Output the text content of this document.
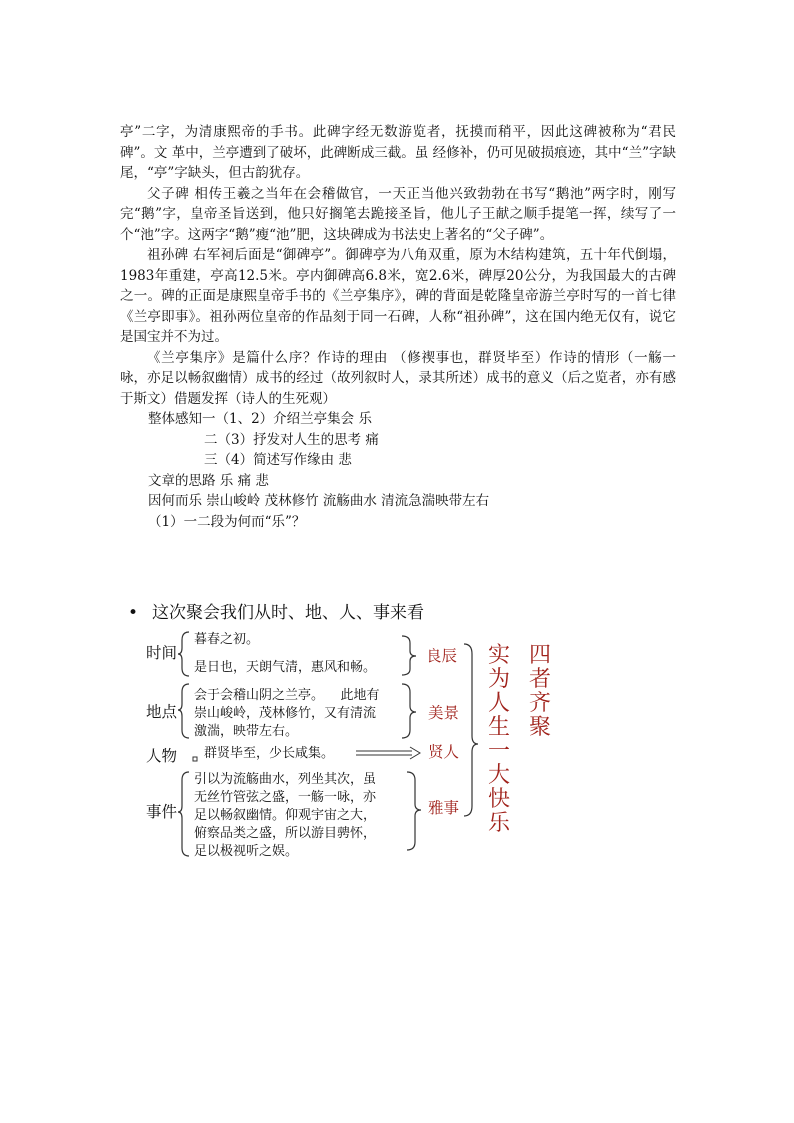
亭”二字，为清康熙帝的手书。此碑字经无数游览者，抚摸而稍平，因此这碑被称为“君民碑”。文 革中，兰亭遭到了破坏，此碑断成三截。虽 经修补，仍可见破损痕迹，其中“兰”字缺 尾，“亭”字缺头，但古韵犹存。

父子碑 相传王羲之当年在会稽做官，一天正当他兴致勃勃在书写“鹅池”两字时，刚写完“鹅”字，皇帝圣旨送到，他只好搁笔去跪接圣旨，他儿子王献之顺手提笔一挥，续写了一个“池”字。这两字“鹅”瘦“池”肥，这块碑成为书法史上著名的“父子碑”。

祖孙碑 右军祠后面是“御碑亭”。御碑亭为八角双重，原为木结构建筑，五十年代倒塌，1983年重建，亭高12.5米。亭内御碑高6.8米，宽2.6米，碑厚20公分，为我国最大的古碑之一。碑的正面是康熙皇帝手书的《兰亭集序》，碑的背面是乾隆皇帝游兰亭时写的一首七律《兰亭即事》。祖孙两位皇帝的作品刻于同一石碑，人称“祖孙碑”，这在国内绝无仅有，说它是国宝并不为过。

《兰亭集序》是篇什么序？作诗的理由 （修禊事也，群贤毕至）作诗的情形（一觞一咏，亦足以畅叙幽情）成书的经过（故列叙时人，录其所述）成书的意义（后之览者，亦有感于斯文）借题发挥（诗人的生死观）

整体感知一（1、2）介绍兰亭集会 乐

二（3）抒发对人生的思考 痛

三（4）简述写作缘由 悲

文章的思路 乐 痛 悲

因何而乐 崇山峻岭 茂林修竹 流觞曲水 清流急湍映带左右

（1）一二段为何而“乐”？

• 这次聚会我们从时、地、人、事来看
时间
地点
人物
事件
暮春之初。
是日也，天朗气清，惠风和畅。
会于会稽山阴之兰亭。    此地有
崇山峻岭，茂林修竹，又有清流
激湍，映带左右。
群贤毕至，少长咸集。
引以为流觞曲水，列坐其次，虽
无丝竹管弦之盛，一觞一咏，亦
足以畅叙幽情。仰观宇宙之大，
俯察品类之盛，所以游目骋怀，
足以极视听之娱。
良辰
美景
贤人
雅事
实为人生一大快乐
四者齐聚
